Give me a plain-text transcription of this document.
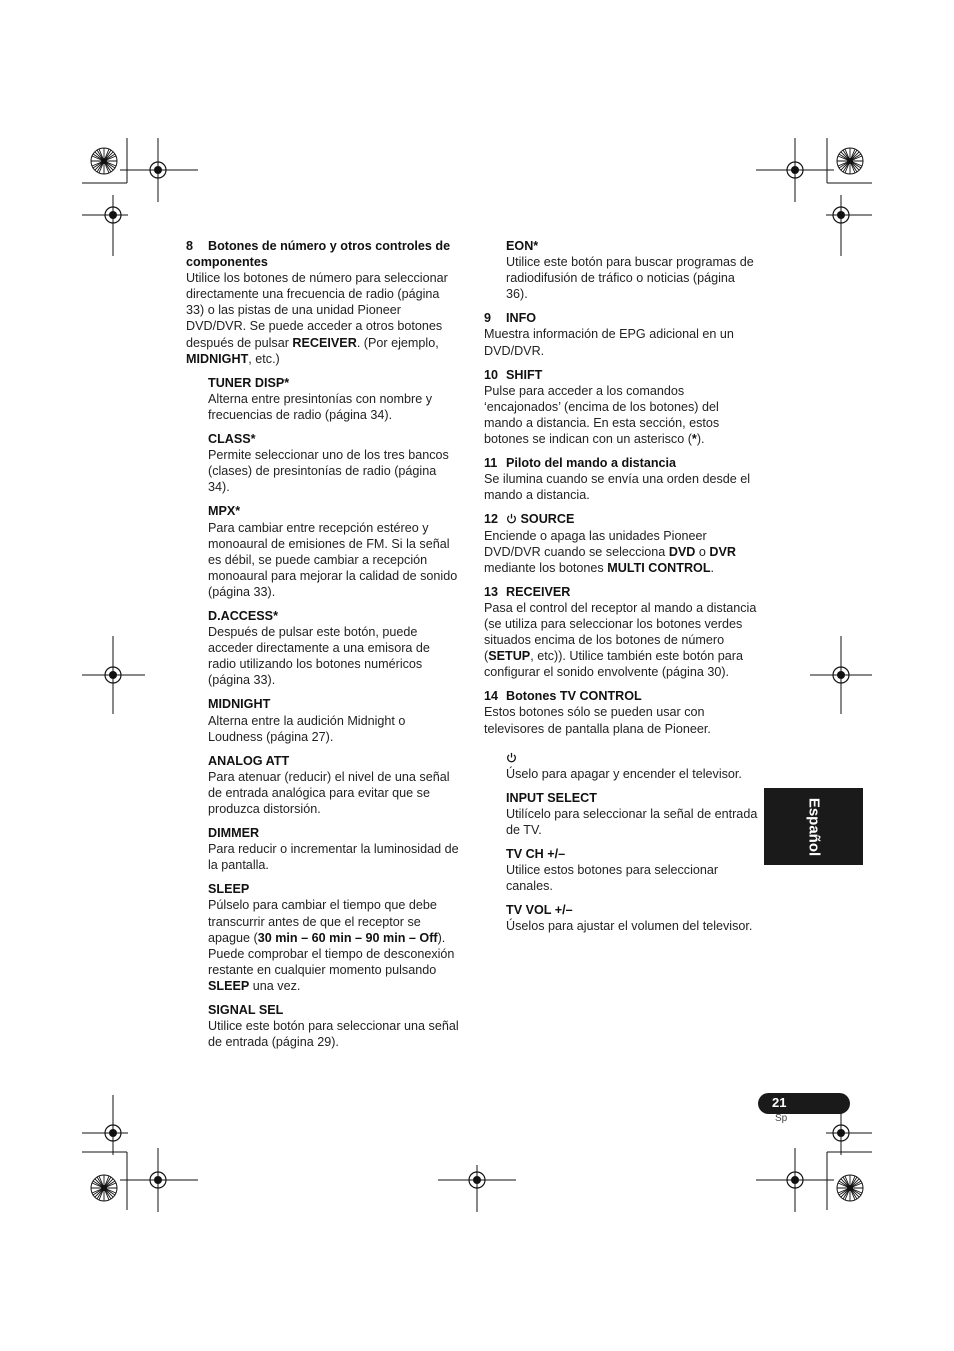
8 Botones de número y otros controles de componentes

Utilice los botones de número para seleccionar directamente una frecuencia de radio (página 33) o las pistas de una unidad Pioneer DVD/DVR. Se puede acceder a otros botones después de pulsar RECEIVER. (Por ejemplo, MIDNIGHT, etc.)

TUNER DISP*

Alterna entre presintonías con nombre y frecuencias de radio (página 34).

CLASS*

Permite seleccionar uno de los tres bancos (clases) de presintonías de radio (página 34).

MPX*

Para cambiar entre recepción estéreo y monoaural de emisiones de FM. Si la señal es débil, se puede cambiar a recepción monoaural para mejorar la calidad de sonido (página 33).

D.ACCESS*

Después de pulsar este botón, puede acceder directamente a una emisora de radio utilizando los botones numéricos (página 33).

MIDNIGHT

Alterna entre la audición Midnight o Loudness (página 27).

ANALOG ATT

Para atenuar (reducir) el nivel de una señal de entrada analógica para evitar que se produzca distorsión.

DIMMER

Para reducir o incrementar la luminosidad de la pantalla.

SLEEP

Púlselo para cambiar el tiempo que debe transcurrir antes de que el receptor se apague (30 min – 60 min – 90 min – Off). Puede comprobar el tiempo de desconexión restante en cualquier momento pulsando SLEEP una vez.

SIGNAL SEL

Utilice este botón para seleccionar una señal de entrada (página 29).

EON*

Utilice este botón para buscar programas de radiodifusión de tráfico o noticias (página 36).

9 INFO

Muestra información de EPG adicional en un DVD/DVR.

10 SHIFT

Pulse para acceder a los comandos ‘encajonados’ (encima de los botones) del mando a distancia. En esta sección, estos botones se indican con un asterisco (*).

11 Piloto del mando a distancia

Se ilumina cuando se envía una orden desde el mando a distancia.

12 SOURCE

Enciende o apaga las unidades Pioneer DVD/DVR cuando se selecciona DVD o DVR mediante los botones MULTI CONTROL.

13 RECEIVER

Pasa el control del receptor al mando a distancia (se utiliza para seleccionar los botones verdes situados encima de los botones de número (SETUP, etc)). Utilice también este botón para configurar el sonido envolvente (página 30).

14 Botones TV CONTROL

Estos botones sólo se pueden usar con televisores de pantalla plana de Pioneer.

Úselo para apagar y encender el televisor.

INPUT SELECT

Utilícelo para seleccionar la señal de entrada de TV.

TV CH +/–

Utilice estos botones para seleccionar canales.

TV VOL +/–

Úselos para ajustar el volumen del televisor.

Español
21
Sp
